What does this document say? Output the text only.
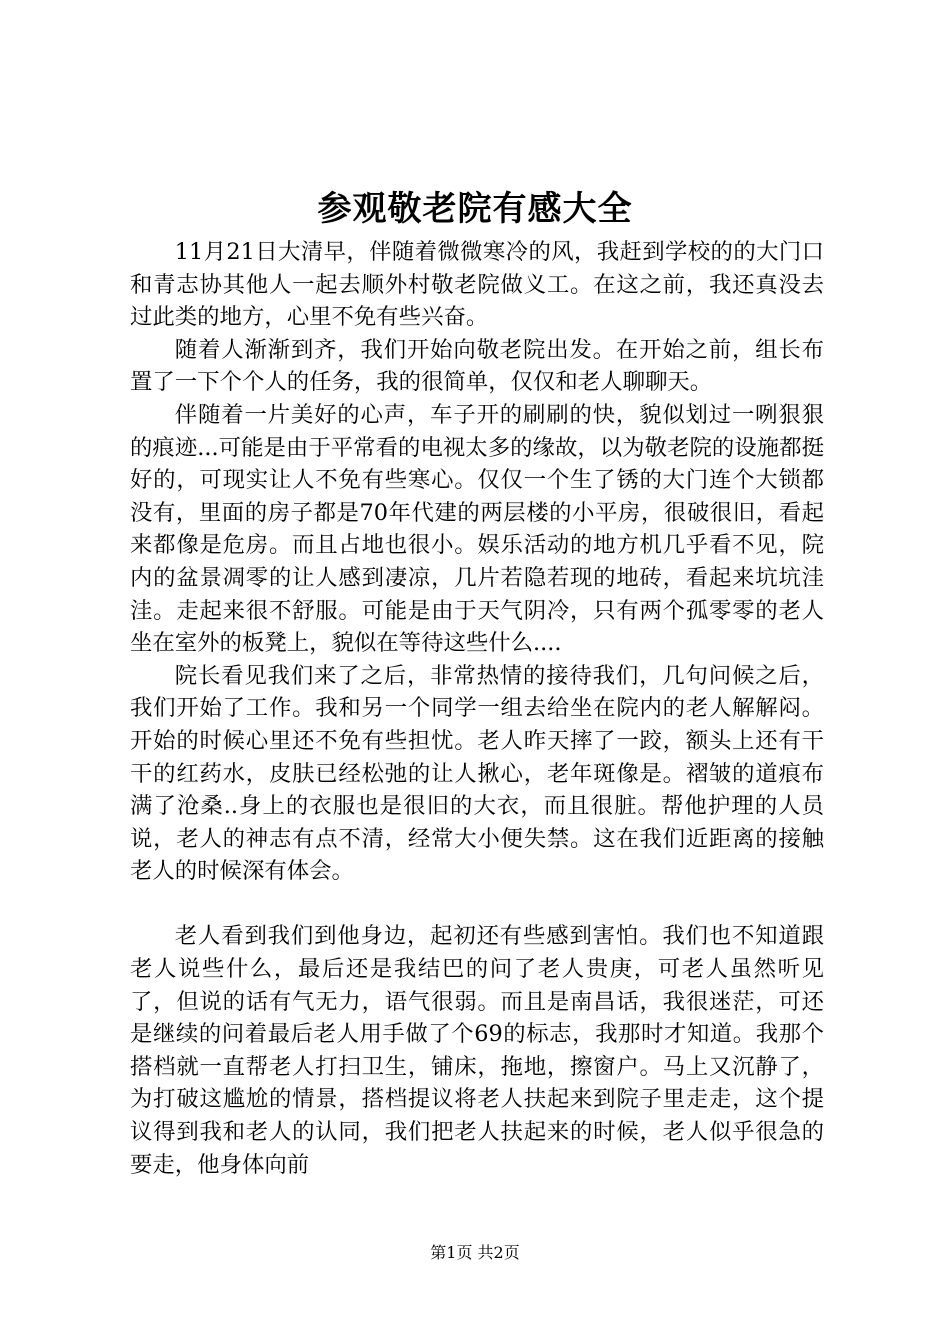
参观敬老院有感大全

11月21日大清早，伴随着微微寒冷的风，我赶到学校的的大门口和青志协其他人一起去顺外村敬老院做义工。在这之前，我还真没去过此类的地方，心里不免有些兴奋。

随着人渐渐到齐，我们开始向敬老院出发。在开始之前，组长布置了一下个个人的任务，我的很简单，仅仅和老人聊聊天。

伴随着一片美好的心声，车子开的刷刷的快，貌似划过一咧狠狠的痕迹...可能是由于平常看的电视太多的缘故，以为敬老院的设施都挺好的，可现实让人不免有些寒心。仅仅一个生了锈的大门连个大锁都没有，里面的房子都是70年代建的两层楼的小平房，很破很旧，看起来都像是危房。而且占地也很小。娱乐活动的地方机几乎看不见，院内的盆景凋零的让人感到凄凉，几片若隐若现的地砖，看起来坑坑洼洼。走起来很不舒服。可能是由于天气阴冷，只有两个孤零零的老人坐在室外的板凳上，貌似在等待这些什么....

院长看见我们来了之后，非常热情的接待我们，几句问候之后，我们开始了工作。我和另一个同学一组去给坐在院内的老人解解闷。开始的时候心里还不免有些担忧。老人昨天摔了一跤，额头上还有干干的红药水，皮肤已经松弛的让人揪心，老年斑像是。褶皱的道痕布满了沧桑..身上的衣服也是很旧的大衣，而且很脏。帮他护理的人员说，老人的神志有点不清，经常大小便失禁。这在我们近距离的接触老人的时候深有体会。

老人看到我们到他身边，起初还有些感到害怕。我们也不知道跟老人说些什么，最后还是我结巴的问了老人贵庚，可老人虽然听见了，但说的话有气无力，语气很弱。而且是南昌话，我很迷茫，可还是继续的问着最后老人用手做了个69的标志，我那时才知道。我那个搭档就一直帮老人打扫卫生，铺床，拖地，擦窗户。马上又沉静了，为打破这尴尬的情景，搭档提议将老人扶起来到院子里走走，这个提议得到我和老人的认同，我们把老人扶起来的时候，老人似乎很急的要走，他身体向前

第1页 共2页
